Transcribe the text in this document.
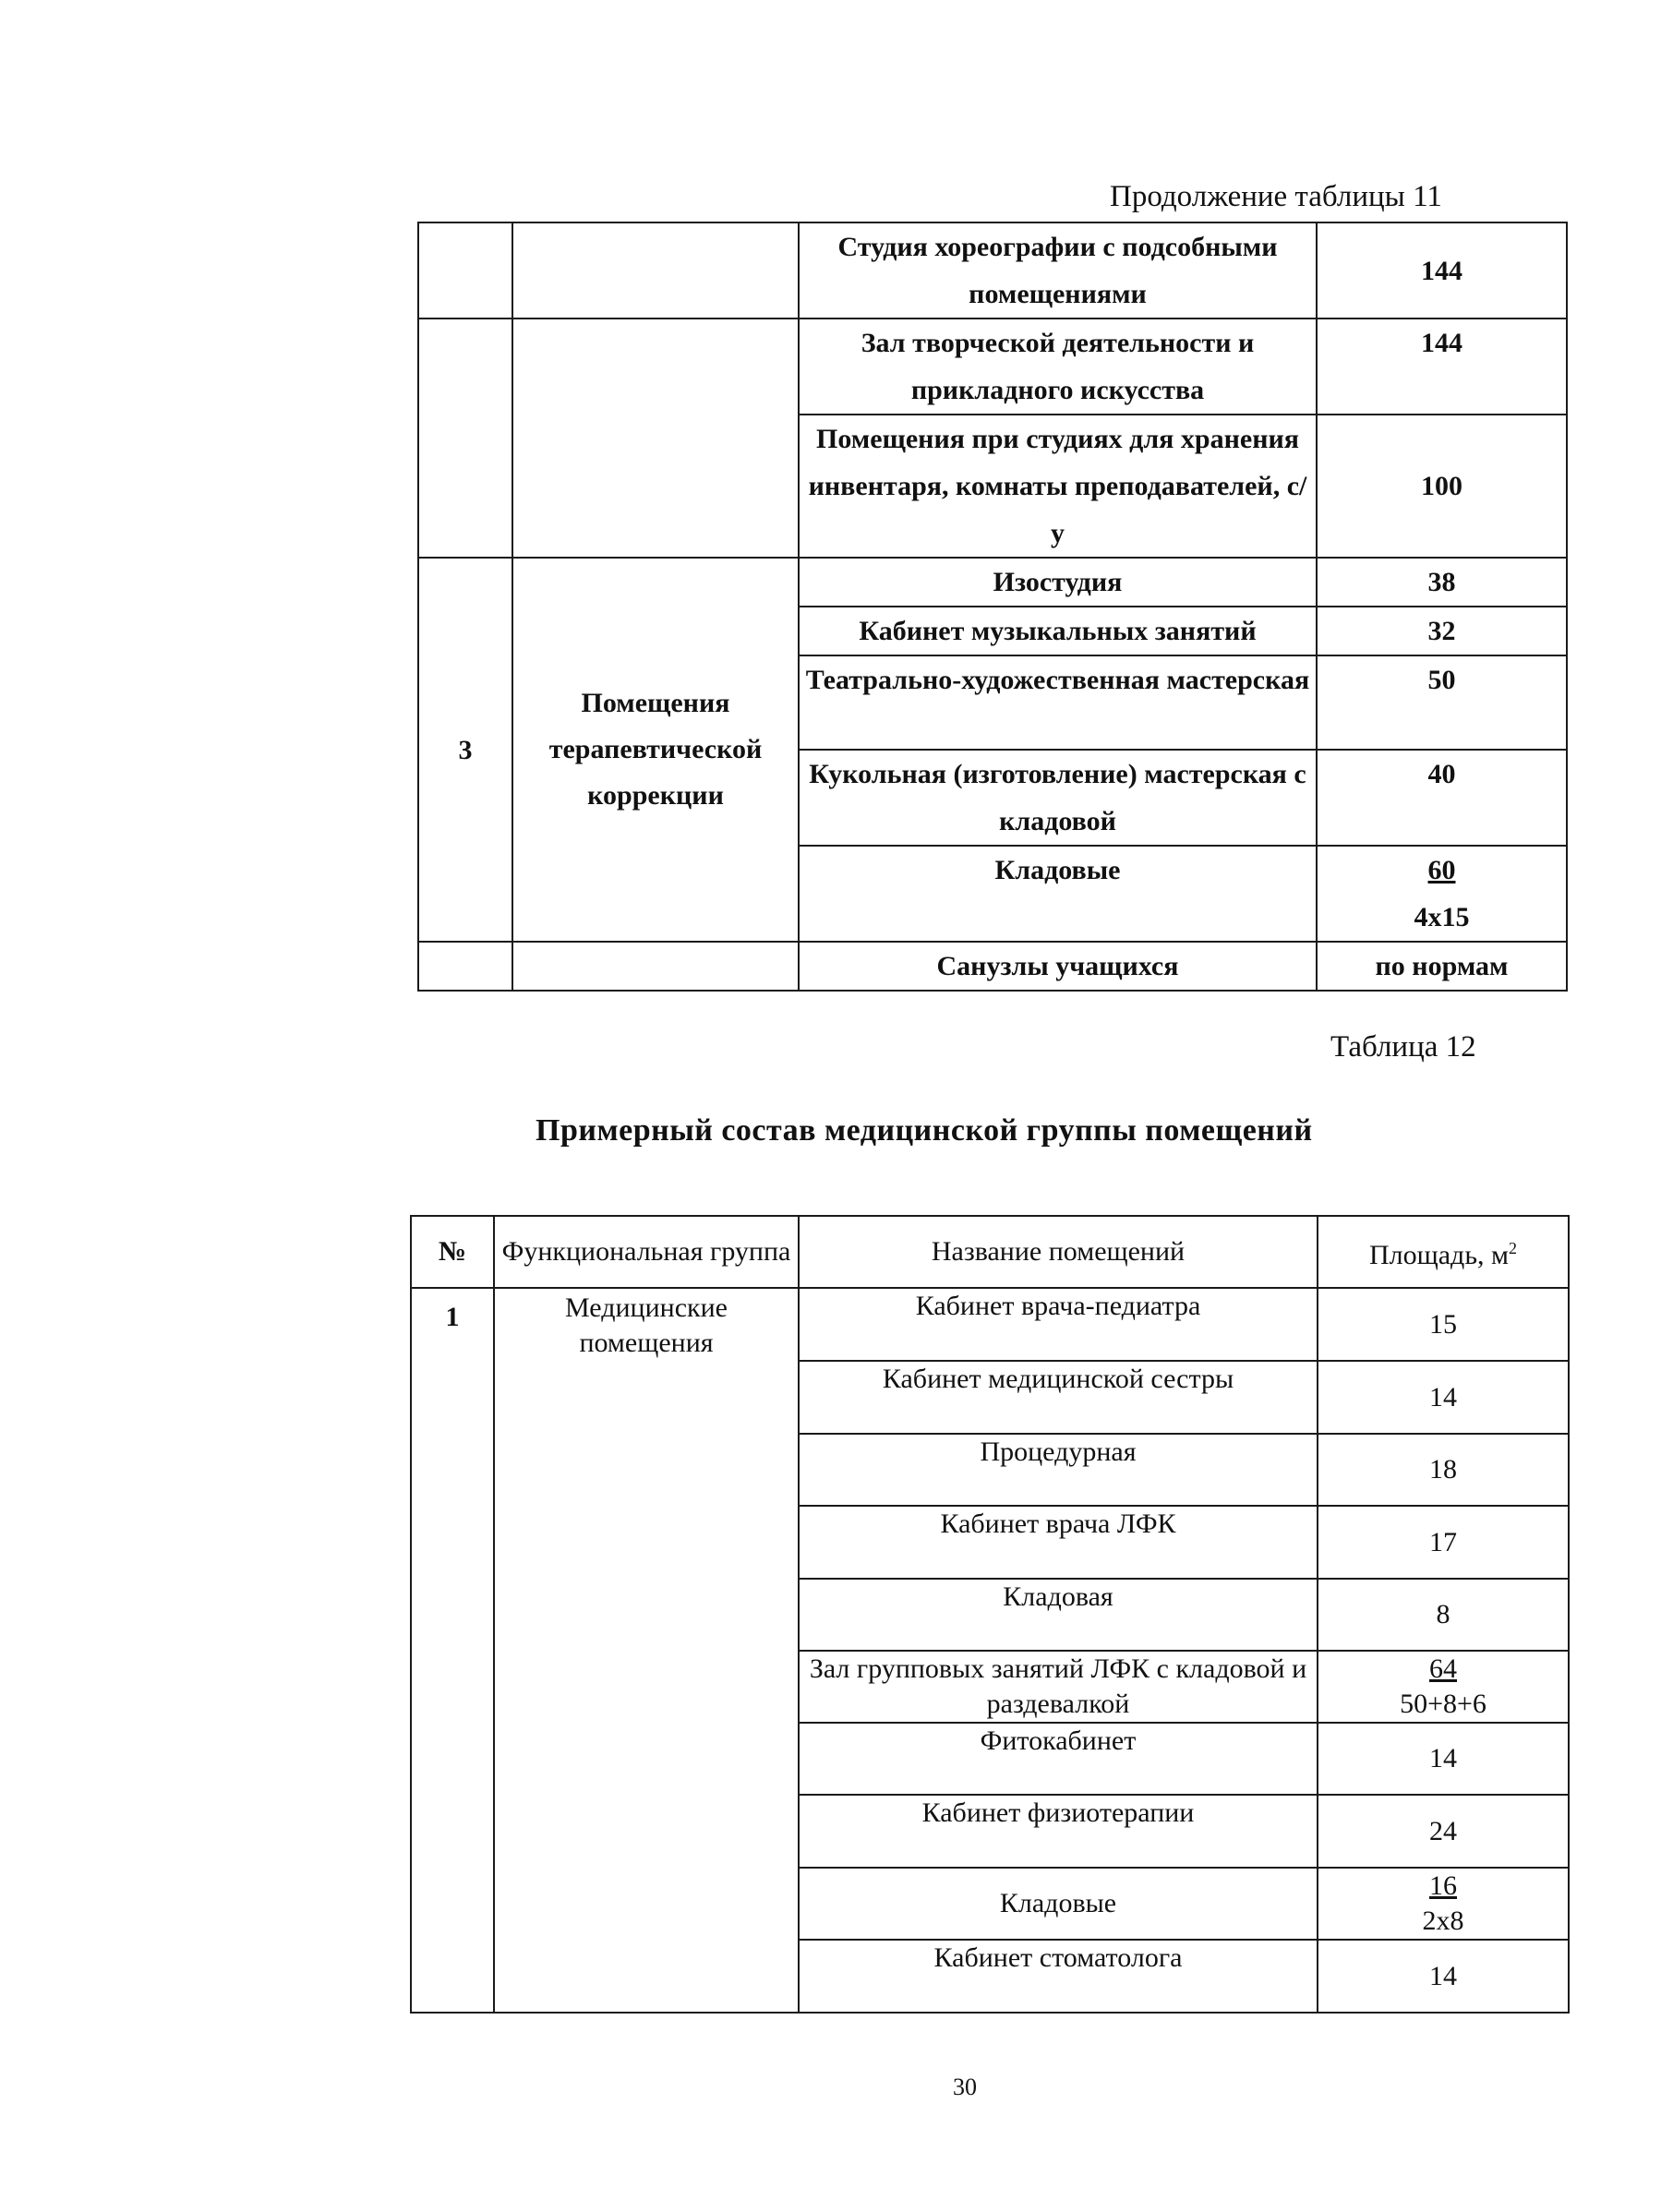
Продолжение таблицы 11
		Студия хореографии с подсобными помещениями	144
		Зал творческой деятельности и прикладного искусства	144
		Помещения при студиях для хранения инвентаря, комнаты преподавателей, с/у	100
3	Помещения терапевтической коррекции	Изостудия	38
		Кабинет музыкальных занятий	32
		Театрально-художественная мастерская	50
		Кукольная (изготовление) мастерская с кладовой	40
		Кладовые	60
4x15

		Санузлы учащихся	по нормам
Таблица 12
Примерный состав медицинской группы помещений
№	Функциональная группа	Название помещений	Площадь, $м^2$
1	Медицинские помещения	Кабинет врача-педиатра	15
		Кабинет медицинской сестры	14
		Процедурная	18
		Кабинет врача ЛФК	17
		Кладовая	8
		Зал групповых занятий ЛФК с кладовой и раздевалкой	64
50+8+6

		Фитокабинет	14
		Кабинет физиотерапии	24
		Кладовые	16
2x8

		Кабинет стоматолога	14
30
